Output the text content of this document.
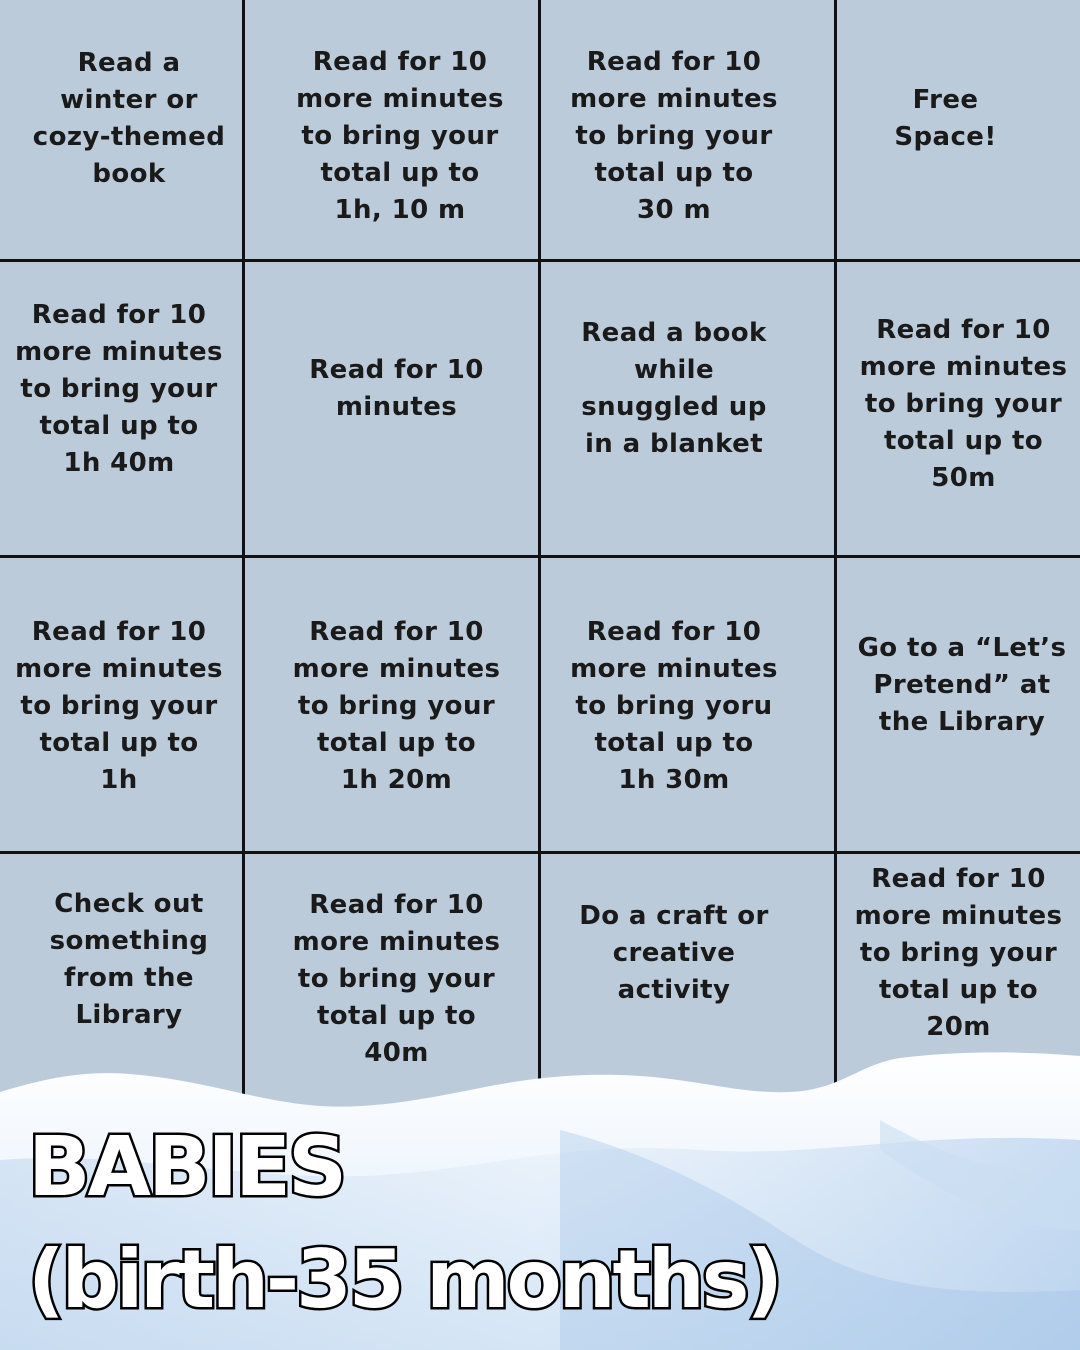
Read a
winter or
cozy-themed
book
Read for 10
more minutes
to bring your
total up to
1h, 10 m
Read for 10
more minutes
to bring your
total up to
30 m
Free
Space!
Read for 10
more minutes
to bring your
total up to
1h 40m
Read for 10
minutes
Read a book
while
snuggled up
in a blanket
Read for 10
more minutes
to bring your
total up to
50m
Read for 10
more minutes
to bring your
total up to
1h
Read for 10
more minutes
to bring your
total up to
1h 20m
Read for 10
more minutes
to bring yoru
total up to
1h 30m
Go to a “Let’s
Pretend” at
the Library
Check out
something
from the
Library
Read for 10
more minutes
to bring your
total up to
40m
Do a craft or
creative
activity
Read for 10
more minutes
to bring your
total up to
20m
BABIES
(birth-35 months)
